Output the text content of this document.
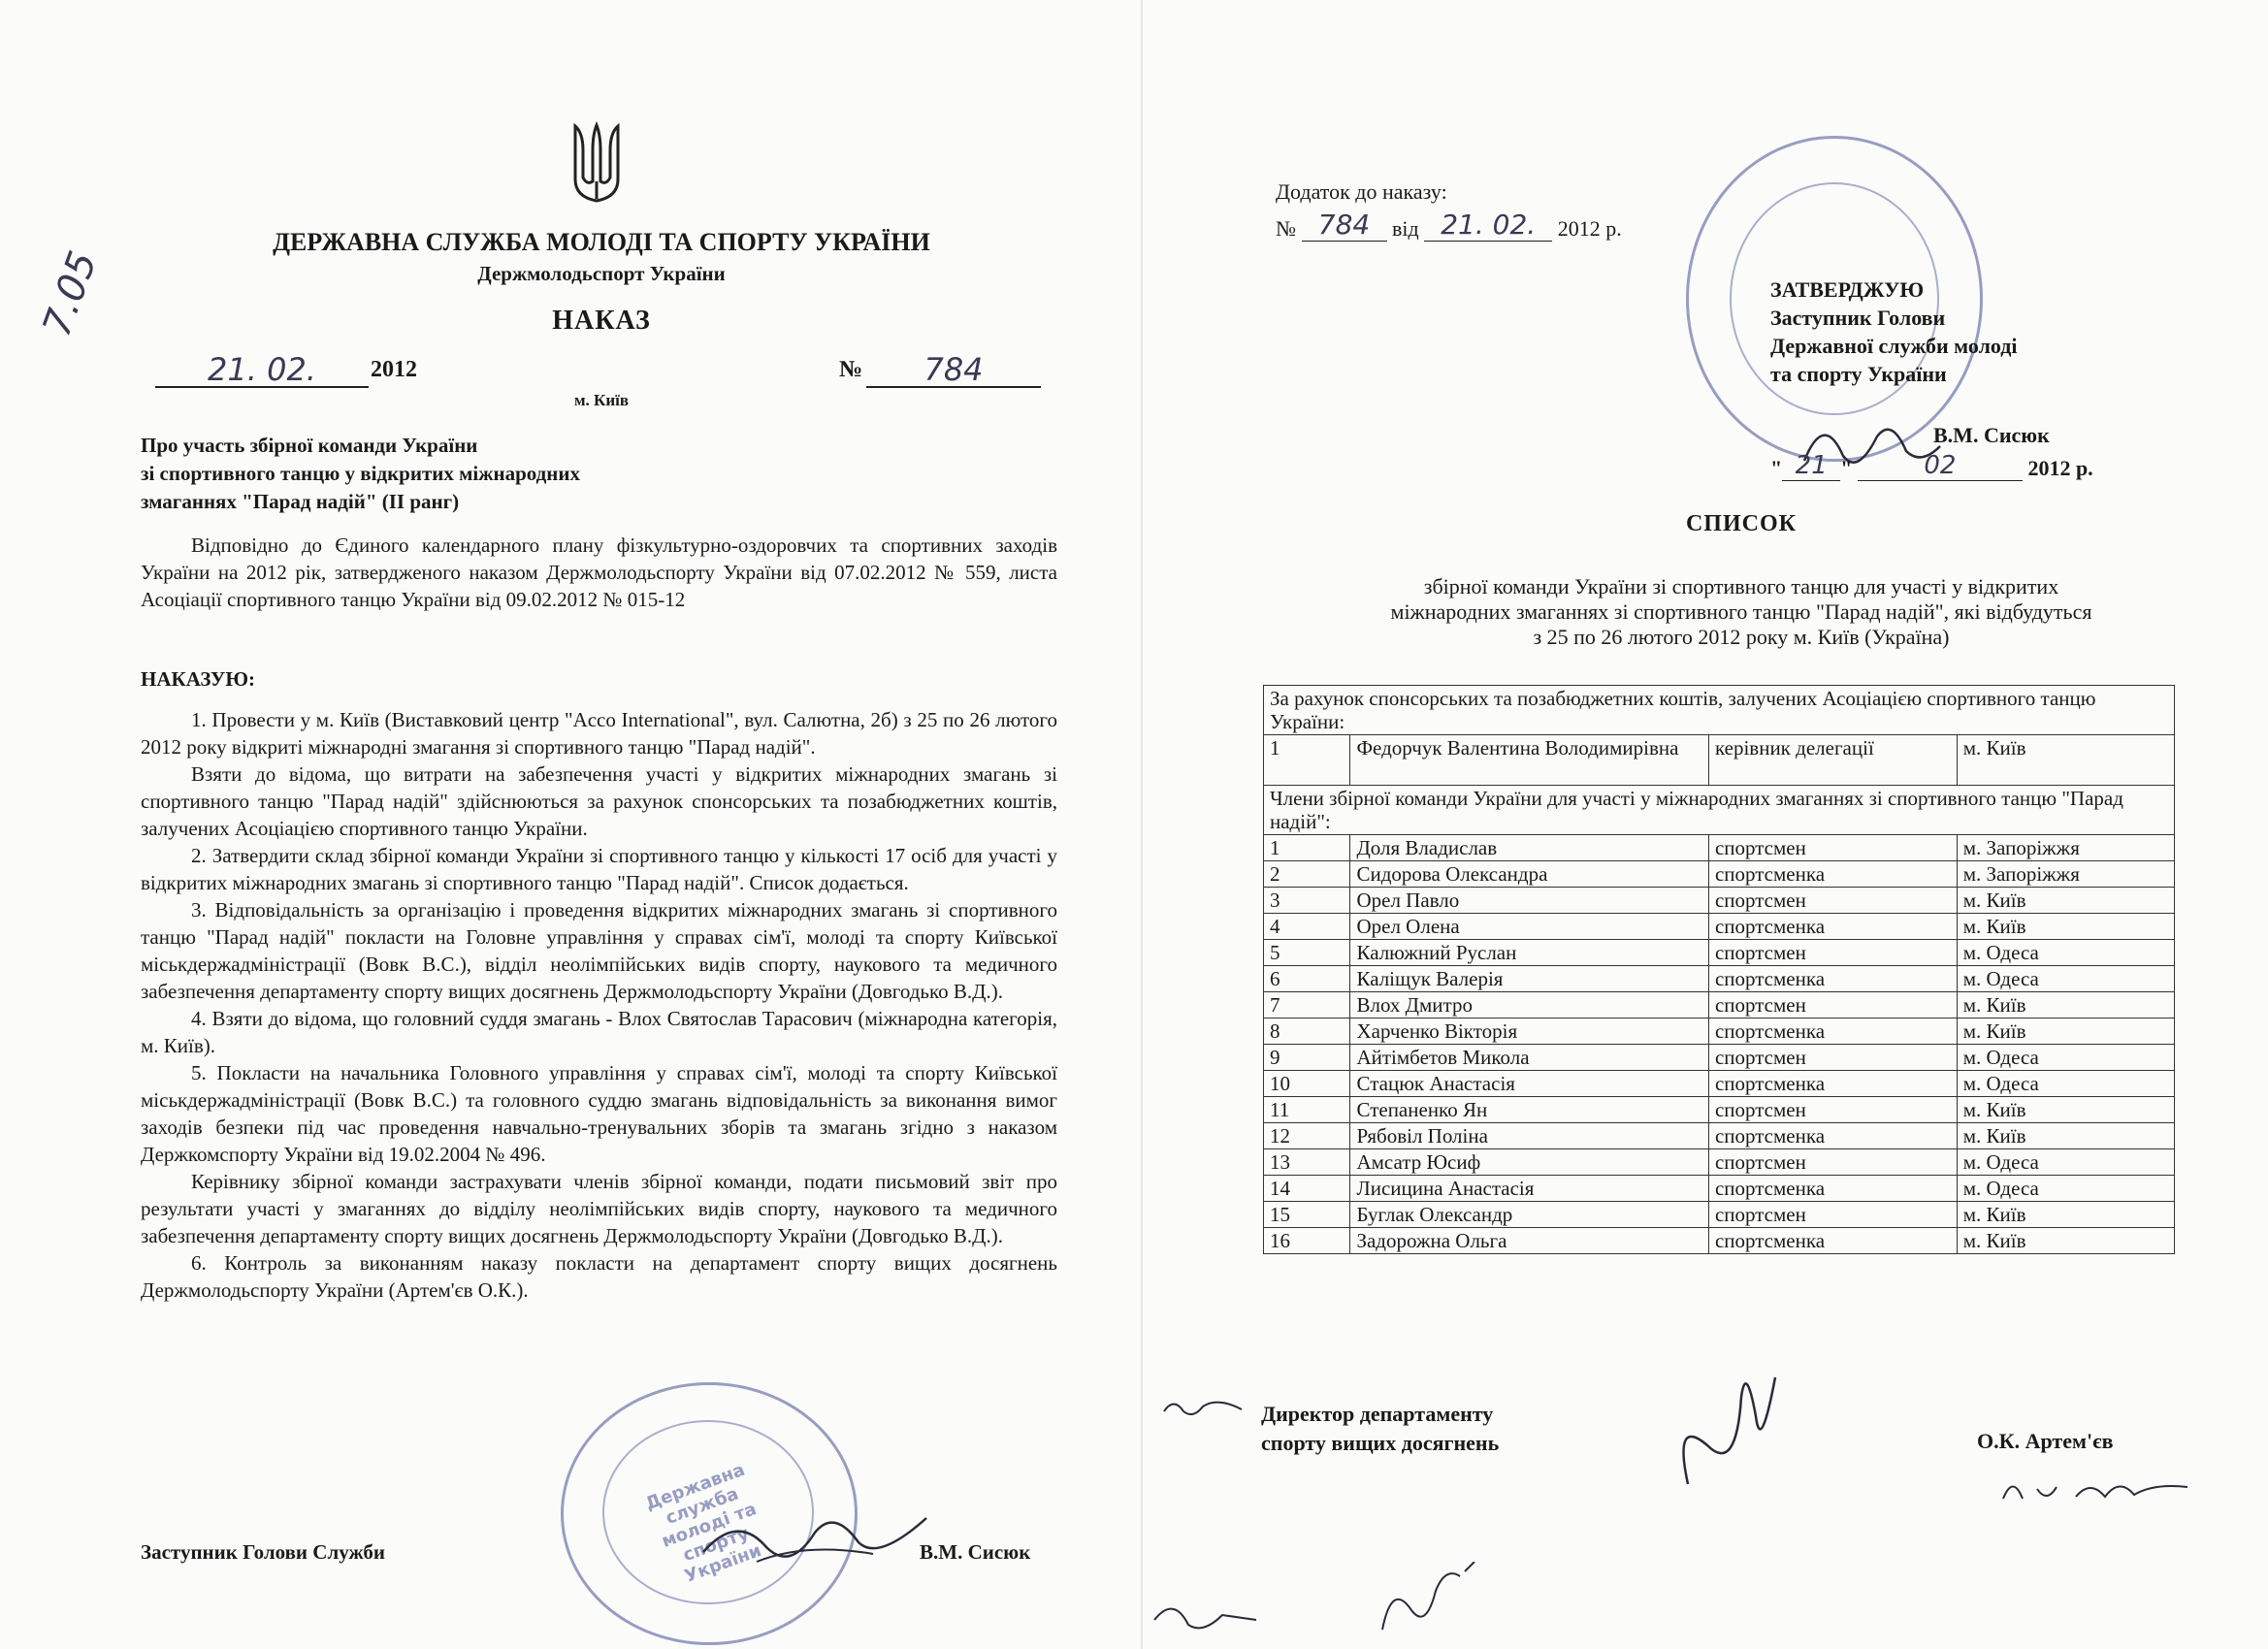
ДЕРЖАВНА СЛУЖБА МОЛОДІ ТА СПОРТУ УКРАЇНИ
Держмолодьспорт України
НАКАЗ
21. 02.	2012	№	784
м. Київ
7.05
Про участь збірної команди України
зі спортивного танцю у відкритих міжнародних
змаганнях "Парад надій" (ІІ ранг)

Відповідно до Єдиного календарного плану фізкультурно-оздоровчих та спортивних заходів України на 2012 рік, затвердженого наказом Держмолодьспорту України від 07.02.2012 № 559, листа Асоціації спортивного танцю України від 09.02.2012 № 015-12

НАКАЗУЮ:

1. Провести у м. Київ (Виставковий центр "Acco International", вул. Салютна, 2б) з 25 по 26 лютого 2012 року відкриті міжнародні змагання зі спортивного танцю "Парад надій".

Взяти до відома, що витрати на забезпечення участі у відкритих міжнародних змагань зі спортивного танцю "Парад надій" здійснюються за рахунок спонсорських та позабюджетних коштів, залучених Асоціацією спортивного танцю України.

2. Затвердити склад збірної команди України зі спортивного танцю у кількості 17 осіб для участі у відкритих міжнародних змагань зі спортивного танцю "Парад надій". Список додається.

3. Відповідальність за організацію і проведення відкритих міжнародних змагань зі спортивного танцю "Парад надій" покласти на Головне управління у справах сім'ї, молоді та спорту Київської міськдержадміністрації (Вовк В.С.), відділ неолімпійських видів спорту, наукового та медичного забезпечення департаменту спорту вищих досягнень Держмолодьспорту України (Довгодько В.Д.).

4. Взяти до відома, що головний суддя змагань - Влох Святослав Тарасович (міжнародна категорія, м. Київ).

5. Покласти на начальника Головного управління у справах сім'ї, молоді та спорту Київської міськдержадміністрації (Вовк В.С.) та головного суддю змагань відповідальність за виконання вимог заходів безпеки під час проведення навчально-тренувальних зборів та змагань згідно з наказом Держкомспорту України від 19.02.2004 № 496.

Керівнику збірної команди застрахувати членів збірної команди, подати письмовий звіт про результати участі у змаганнях до відділу неолімпійських видів спорту, наукового та медичного забезпечення департаменту спорту вищих досягнень Держмолодьспорту України (Довгодько В.Д.).

6. Контроль за виконанням наказу покласти на департамент спорту вищих досягнень Держмолодьспорту України (Артем'єв О.К.).

Заступник Голови Служби	В.М. Сисюк
Державна служба молоді та спорту України
Додаток до наказу:
№ 784 від 21. 02. 2012 р.
ЗАТВЕРДЖУЮ
Заступник Голови
Державної служби молоді
та спорту України
В.М. Сисюк
" 21 "	02	2012 р.
СПИСОК
збірної команди України зі спортивного танцю для участі у відкритих
міжнародних змаганнях зі спортивного танцю "Парад надій", які відбудуться
з 25 по 26 лютого 2012 року м. Київ (Україна)
За рахунок спонсорських та позабюджетних коштів, залучених Асоціацією спортивного танцю України:			
1	Федорчук Валентина Володимирівна	керівник делегації	м. Київ
Члени збірної команди України для участі у міжнародних змаганнях зі спортивного танцю "Парад надій":			
1	Доля Владислав	спортсмен	м. Запоріжжя
2	Сидорова Олександра	спортсменка	м. Запоріжжя
3	Орел Павло	спортсмен	м. Київ
4	Орел Олена	спортсменка	м. Київ
5	Калюжний Руслан	спортсмен	м. Одеса
6	Каліщук Валерія	спортсменка	м. Одеса
7	Влох Дмитро	спортсмен	м. Київ
8	Харченко Вікторія	спортсменка	м. Київ
9	Айтімбетов Микола	спортсмен	м. Одеса
10	Стацюк Анастасія	спортсменка	м. Одеса
11	Степаненко Ян	спортсмен	м. Київ
12	Рябовіл Поліна	спортсменка	м. Київ
13	Амсатр Юсиф	спортсмен	м. Одеса
14	Лисицина Анастасія	спортсменка	м. Одеса
15	Буглак Олександр	спортсмен	м. Київ
16	Задорожна Ольга	спортсменка	м. Київ
Директор департаменту
спорту вищих досягнень	О.К. Артем'єв
